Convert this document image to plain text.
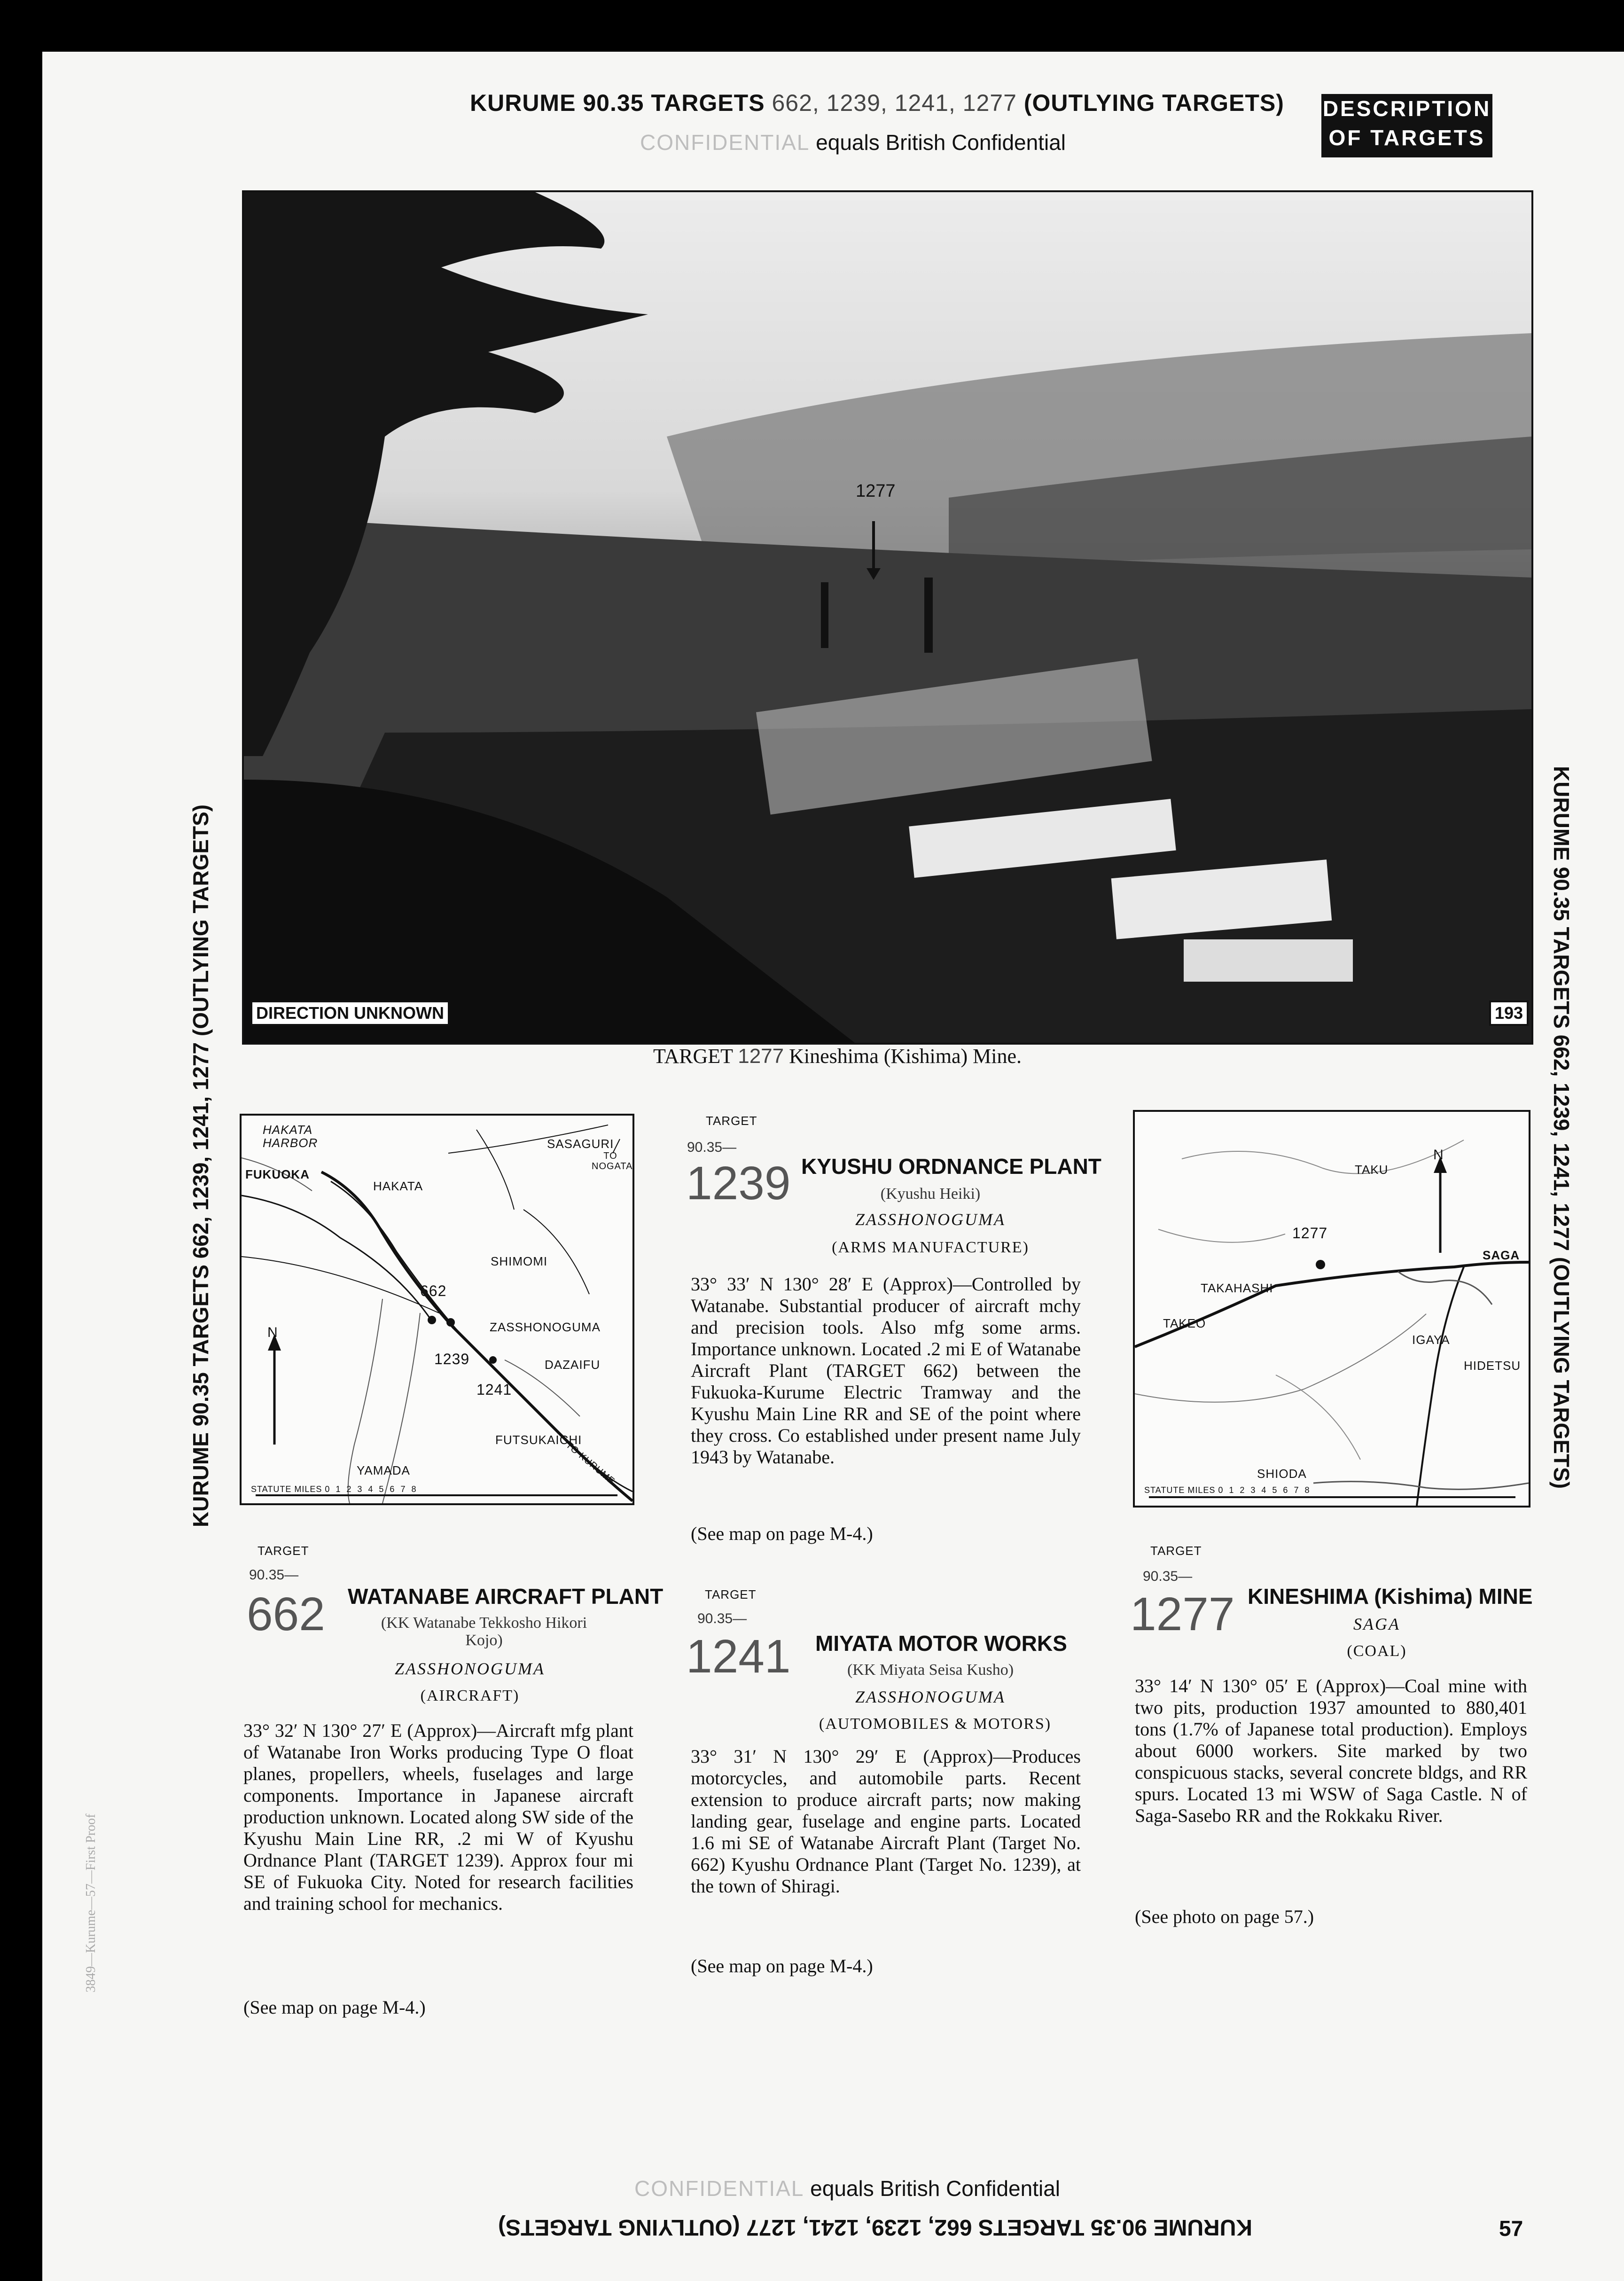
KURUME 90.35 TARGETS 662, 1239, 1241, 1277 (OUTLYING TARGETS)
CONFIDENTIAL equals British Confidential
DESCRIPTION
OF TARGETS
1277
DIRECTION UNKNOWN	193
TARGET 1277 Kineshima (Kishima) Mine.
HAKATA HARBOR
FUKUOKA
HAKATA
SASAGURI
TO NOGATA
SHIMOMI
ZASSHONOGUMA
DAZAIFU
FUTSUKAICHI
YAMADA	TO KURUME
662
1239
1241
N
STATUTE MILES 0  1  2  3  4  5  6  7  8
TAKU
1277
TAKAHASHI
TAKEO
SAGA
IGAYA
HIDETSU
SHIODA
N
STATUTE MILES 0  1  2  3  4  5  6  7  8
TARGET
90.35—
1239 KYUSHU ORDNANCE PLANT
(Kyushu Heiki)
ZASSHONOGUMA
(ARMS MANUFACTURE)
33° 33′ N 130° 28′ E (Approx)—Controlled by Watanabe. Substantial producer of aircraft mchy and precision tools. Also mfg some arms. Importance unknown. Located .2 mi E of Watanabe Aircraft Plant (TARGET 662) between the Fukuoka-Kurume Electric Tramway and the Kyushu Main Line RR and SE of the point where they cross. Co established under present name July 1943 by Watanabe.
(See map on page M-4.)
TARGET
90.35—
662 WATANABE AIRCRAFT PLANT
(KK Watanabe Tekkosho Hikori
Kojo)
ZASSHONOGUMA
(AIRCRAFT)
33° 32′ N 130° 27′ E (Approx)—Aircraft mfg plant of Watanabe Iron Works producing Type O float planes, propellers, wheels, fuselages and large components. Importance in Japanese aircraft production unknown. Located along SW side of the Kyushu Main Line RR, .2 mi W of Kyushu Ordnance Plant (TARGET 1239). Approx four mi SE of Fukuoka City. Noted for research facilities and training school for mechanics.
(See map on page M-4.)
TARGET
90.35—
1241 MIYATA MOTOR WORKS
(KK Miyata Seisa Kusho)
ZASSHONOGUMA
(AUTOMOBILES & MOTORS)
33° 31′ N 130° 29′ E (Approx)—Produces motorcycles, and automobile parts. Recent extension to produce aircraft parts; now making landing gear, fuselage and engine parts. Located 1.6 mi SE of Watanabe Aircraft Plant (Target No. 662) Kyushu Ordnance Plant (Target No. 1239), at the town of Shiragi.
(See map on page M-4.)
TARGET
90.35—
1277 KINESHIMA (Kishima) MINE
SAGA
(COAL)
33° 14′ N 130° 05′ E (Approx)—Coal mine with two pits, production 1937 amounted to 880,401 tons (1.7% of Japanese total production). Employs about 6000 workers. Site marked by two conspicuous stacks, several concrete bldgs, and RR spurs. Located 13 mi WSW of Saga Castle. N of Saga-Sasebo RR and the Rokkaku River.
(See photo on page 57.)
KURUME 90.35 TARGETS 662, 1239, 1241, 1277 (OUTLYING TARGETS)	KURUME 90.35 TARGETS 662, 1239, 1241, 1277 (OUTLYING TARGETS)
3849—Kurume—57—First Proof
CONFIDENTIAL equals British Confidential
KURUME 90.35 TARGETS 662, 1239, 1241, 1277 (OUTLYING TARGETS)	57
